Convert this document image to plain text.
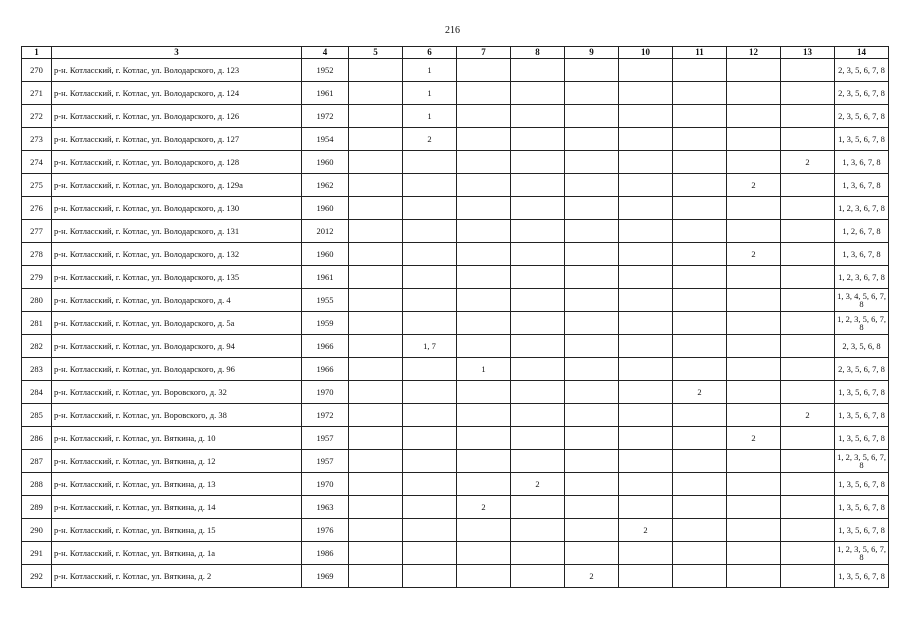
216
1	3	4	5	6	7	8	9	10	11	12	13	14
270	р-н. Котласский, г. Котлас, ул. Володарского, д. 123	1952		1								2, 3, 5, 6, 7, 8
271	р-н. Котласский, г. Котлас, ул. Володарского, д. 124	1961		1								2, 3, 5, 6, 7, 8
272	р-н. Котласский, г. Котлас, ул. Володарского, д. 126	1972		1								2, 3, 5, 6, 7, 8
273	р-н. Котласский, г. Котлас, ул. Володарского, д. 127	1954		2								1, 3, 5, 6, 7, 8
274	р-н. Котласский, г. Котлас, ул. Володарского, д. 128	1960									2	1, 3, 6, 7, 8
275	р-н. Котласский, г. Котлас, ул. Володарского, д. 129а	1962								2		1, 3, 6, 7, 8
276	р-н. Котласский, г. Котлас, ул. Володарского, д. 130	1960										1, 2, 3, 6, 7, 8
277	р-н. Котласский, г. Котлас, ул. Володарского, д. 131	2012										1, 2, 6, 7, 8
278	р-н. Котласский, г. Котлас, ул. Володарского, д. 132	1960								2		1, 3, 6, 7, 8
279	р-н. Котласский, г. Котлас, ул. Володарского, д. 135	1961										1, 2, 3, 6, 7, 8
280	р-н. Котласский, г. Котлас, ул. Володарского, д. 4	1955										1, 3, 4, 5, 6, 7, 8
281	р-н. Котласский, г. Котлас, ул. Володарского, д. 5а	1959										1, 2, 3, 5, 6, 7, 8
282	р-н. Котласский, г. Котлас, ул. Володарского, д. 94	1966		1, 7								2, 3, 5, 6, 8
283	р-н. Котласский, г. Котлас, ул. Володарского, д. 96	1966			1							2, 3, 5, 6, 7, 8
284	р-н. Котласский, г. Котлас, ул. Воровского, д. 32	1970							2			1, 3, 5, 6, 7, 8
285	р-н. Котласский, г. Котлас, ул. Воровского, д. 38	1972									2	1, 3, 5, 6, 7, 8
286	р-н. Котласский, г. Котлас, ул. Вяткина, д. 10	1957								2		1, 3, 5, 6, 7, 8
287	р-н. Котласский, г. Котлас, ул. Вяткина, д. 12	1957										1, 2, 3, 5, 6, 7, 8
288	р-н. Котласский, г. Котлас, ул. Вяткина, д. 13	1970				2						1, 3, 5, 6, 7, 8
289	р-н. Котласский, г. Котлас, ул. Вяткина, д. 14	1963			2							1, 3, 5, 6, 7, 8
290	р-н. Котласский, г. Котлас, ул. Вяткина, д. 15	1976						2				1, 3, 5, 6, 7, 8
291	р-н. Котласский, г. Котлас, ул. Вяткина, д. 1а	1986										1, 2, 3, 5, 6, 7, 8
292	р-н. Котласский, г. Котлас, ул. Вяткина, д. 2	1969					2					1, 3, 5, 6, 7, 8
